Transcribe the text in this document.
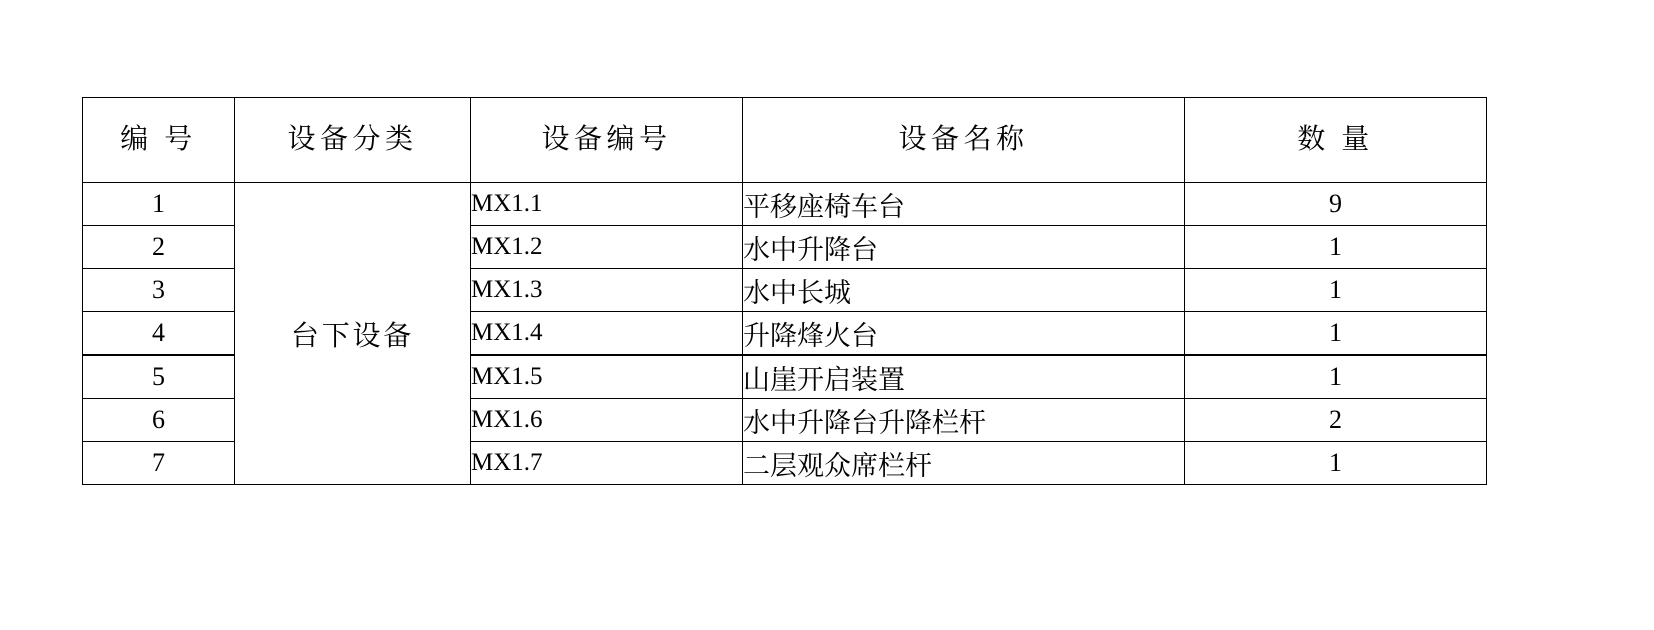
编 号	设备分类	设备编号	设备名称	数 量

1	台下设备	MX1.1	平移座椅车台	9
2		MX1.2	水中升降台	1
3		MX1.3	水中长城	1
4		MX1.4	升降烽火台	1
5		MX1.5	山崖开启装置	1
6		MX1.6	水中升降台升降栏杆	2
7		MX1.7	二层观众席栏杆	1
